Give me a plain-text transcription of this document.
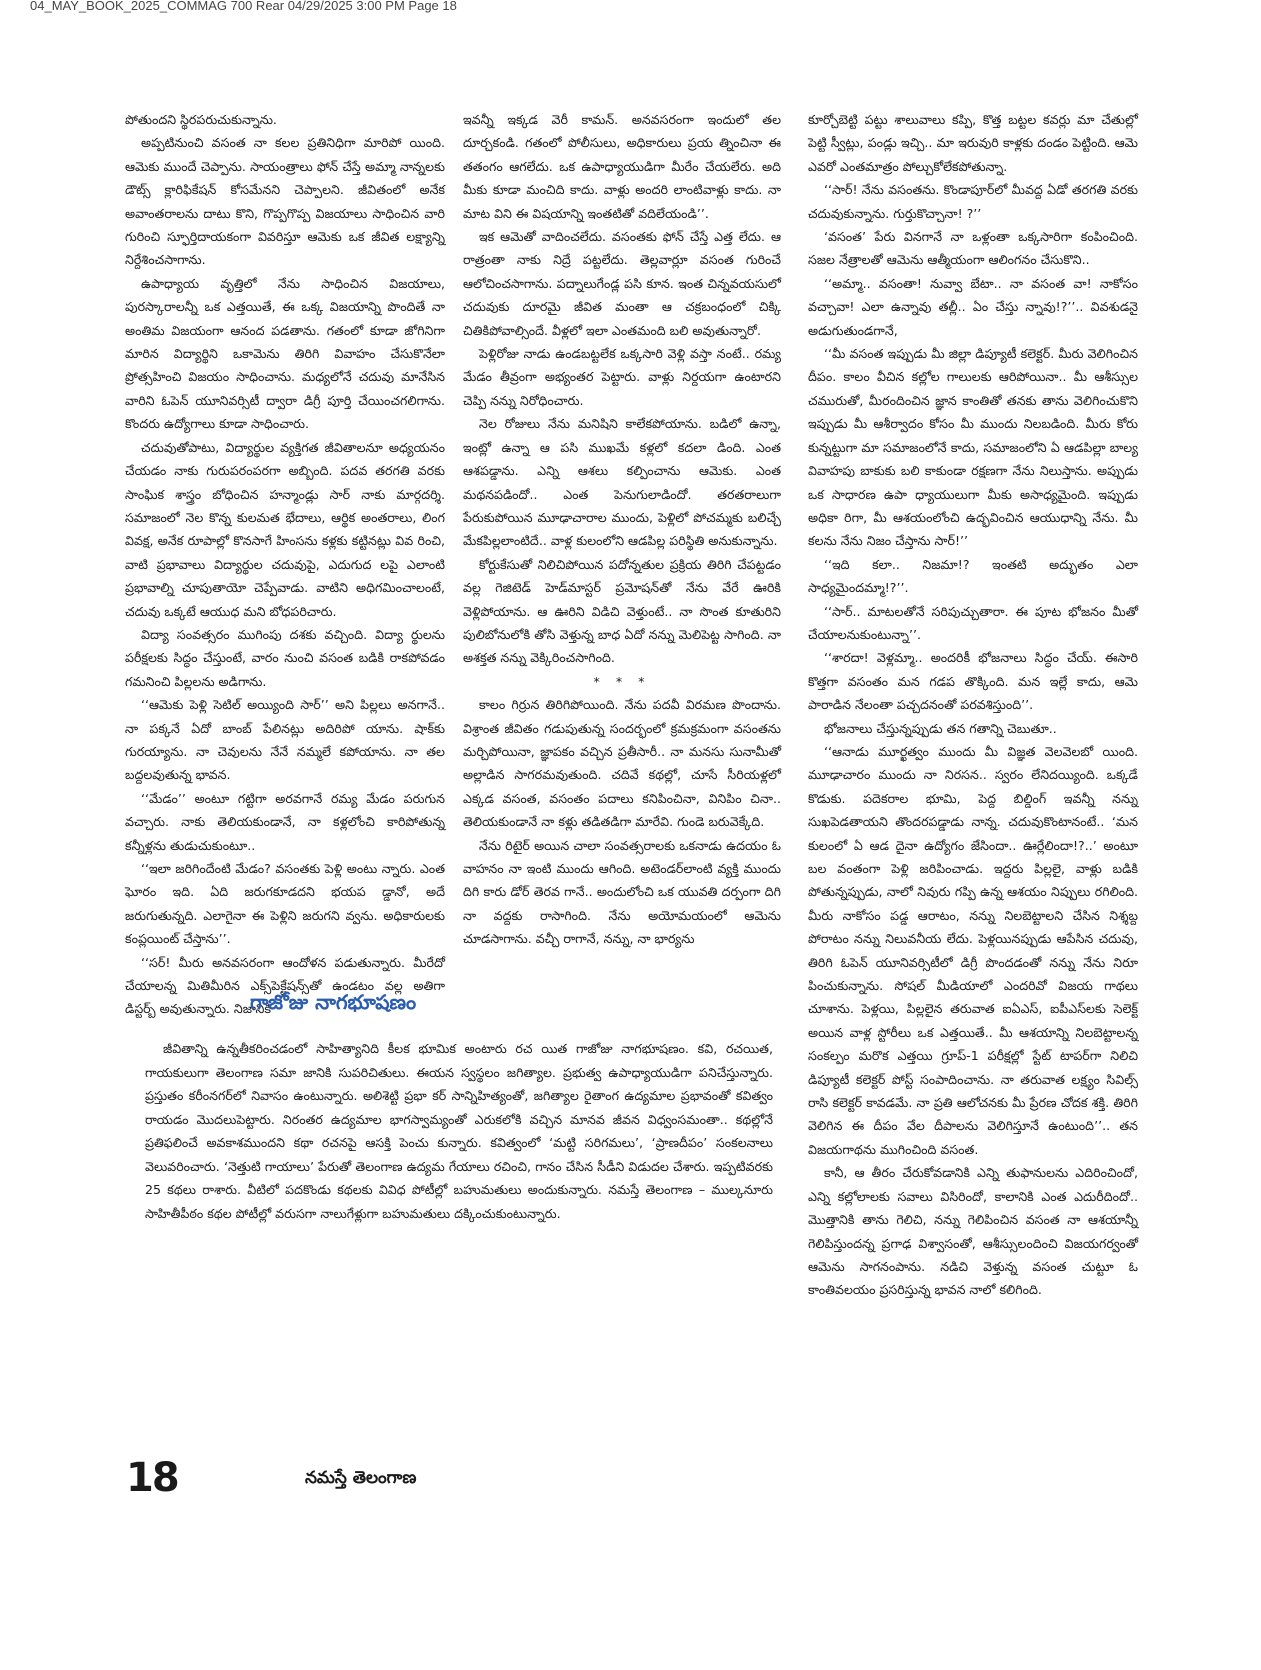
04_MAY_BOOK_2025_COMMAG 700 Rear 04/29/2025 3:00 PM Page 18

పోతుందని స్థిరపరుచుకున్నాను.

అప్పటినుంచి వసంత నా కలల ప్రతినిధిగా మారిపో యింది. ఆమెకు ముందే చెప్పాను. సాయంత్రాలు ఫోన్ చేస్తే అమ్మా నాన్నలకు డౌట్స్ క్లారిఫికేషన్ కోసమేనని చెప్పాలని. జీవితంలో అనేక అవాంతరాలను దాటు కొని, గొప్పగొప్ప విజయాలు సాధించిన వారి గురించి స్ఫూర్తిదాయకంగా వివరిస్తూ ఆమెకు ఒక జీవిత లక్ష్యాన్ని నిర్దేశించసాగాను.

ఉపాధ్యాయ వృత్తిలో నేను సాధించిన విజయాలు, పురస్కారాలన్నీ ఒక ఎత్తయితే, ఈ ఒక్క విజయాన్ని పొందితే నా అంతిమ విజయంగా ఆనంద పడతాను. గతంలో కూడా జోగినిగా మారిన విద్యార్థిని ఒకామెను తిరిగి వివాహం చేసుకొనేలా ప్రోత్సహించి విజయం సాధించాను. మధ్యలోనే చదువు మానేసిన వారిని ఓపెన్ యూనివర్సిటీ ద్వారా డిగ్రీ పూర్తి చేయించగలిగాను. కొందరు ఉద్యోగాలు కూడా సాధించారు.

చదువుతోపాటు, విద్యార్థుల వ్యక్తిగత జీవితాలనూ అధ్యయనం చేయడం నాకు గురుపరంపరగా అబ్బింది. పదవ తరగతి వరకు సాంఘిక శాస్త్రం బోధించిన హన్మాండ్లు సార్ నాకు మార్గదర్శి. సమాజంలో నెల కొన్న కులమత భేదాలు, ఆర్థిక అంతరాలు, లింగ వివక్ష, అనేక రూపాల్లో కొనసాగే హింసను కళ్లకు కట్టినట్లు వివ రించి, వాటి ప్రభావాలు విద్యార్థుల చదువుపై, ఎదుగుద లపై ఎలాంటి ప్రభావాల్ని చూపుతాయో చెప్పేవాడు. వాటిని అధిగమించాలంటే, చదువు ఒక్కటే ఆయుధ మని బోధపరిచారు.

విద్యా సంవత్సరం ముగింపు దశకు వచ్చింది. విద్యా ర్థులను పరీక్షలకు సిద్ధం చేస్తుంటే, వారం నుంచి వసంత బడికి రాకపోవడం గమనించి పిల్లలను అడిగాను.

‘‘ఆమెకు పెళ్లి సెటిల్ అయ్యింది సార్’’ అని పిల్లలు అనగానే.. నా పక్కనే ఏదో బాంబ్ పేలినట్లు అదిరిపో యాను. షాక్‌కు గురయ్యాను. నా చెవులను నేనే నమ్మలే కపోయాను. నా తల బద్దలవుతున్న భావన.

‘‘మేడం’’ అంటూ గట్టిగా అరవగానే రమ్య మేడం పరుగున వచ్చారు. నాకు తెలియకుండానే, నా కళ్లలోంచి కారిపోతున్న కన్నీళ్లను తుడుచుకుంటూ..

‘‘ఇలా జరిగిందేంటి మేడం? వసంతకు పెళ్లి అంటు న్నారు. ఎంత ఘోరం ఇది. ఏది జరుగకూడదని భయప డ్డానో, అదే జరుగుతున్నది. ఎలాగైనా ఈ పెళ్లిని జరుగని వ్వను. అధికారులకు కంప్లయింట్ చేస్తాను’’.

‘‘సర్! మీరు అనవసరంగా ఆందోళన పడుతున్నారు. మీరేదో చేయాలన్న మితిమీరిన ఎక్స్‌పెక్టేషన్స్‌తో ఉండటం వల్ల అతిగా డిస్టర్బ్ అవుతున్నారు. నిజానికి

ఇవన్నీ ఇక్కడ వెరీ కామన్. అనవసరంగా ఇందులో తల దూర్చకండి. గతంలో పోలీసులు, అధికారులు ప్రయ త్నించినా ఈ తతంగం ఆగలేదు. ఒక ఉపాధ్యాయుడిగా మీరేం చేయలేరు. అది మీకు కూడా మంచిది కాదు. వాళ్లు అందరి లాంటివాళ్లు కాదు. నా మాట విని ఈ విషయాన్ని ఇంతటితో వదిలేయండి’’.

ఇక ఆమెతో వాదించలేదు. వసంతకు ఫోన్ చేస్తే ఎత్త లేదు. ఆ రాత్రంతా నాకు నిద్రే పట్టలేదు. తెల్లవార్లూ వసంత గురించే ఆలోచించసాగాను. పద్నాలుగేండ్ల పసి కూన. ఇంత చిన్నవయసులో చదువుకు దూరమై జీవిత మంతా ఆ చక్రబంధంలో చిక్కి చితికిపోవాల్సిందే. వీళ్లలో ఇలా ఎంతమంది బలి అవుతున్నారో.

పెళ్లిరోజు నాడు ఉండబట్టలేక ఒక్కసారి వెళ్లి వస్తా నంటే.. రమ్య మేడం తీవ్రంగా అభ్యంతర పెట్టారు. వాళ్లు నిర్దయగా ఉంటారని చెప్పి నన్ను నిరోధించారు.

నెల రోజులు నేను మనిషిని కాలేకపోయాను. బడిలో ఉన్నా, ఇంట్లో ఉన్నా ఆ పసి ముఖమే కళ్లలో కదలా డింది. ఎంత ఆశపడ్డాను. ఎన్ని ఆశలు కల్పించాను ఆమెకు. ఎంత మథనపడిందో.. ఎంత పెనుగులాడిందో. తరతరాలుగా పేరుకుపోయిన మూఢాచారాల ముందు, పెళ్లిలో పోచమ్మకు బలిచ్చే మేకపిల్లలాంటిదే.. వాళ్ల కులంలోని ఆడపిల్ల పరిస్థితి అనుకున్నాను.

కోర్టుకేసుతో నిలిచిపోయిన పదోన్నతుల ప్రక్రియ తిరిగి చేపట్టడం వల్ల గెజిటెడ్ హెడ్‌మాస్టర్ ప్రమోషన్‌తో నేను వేరే ఊరికి వెళ్లిపోయాను. ఆ ఊరిని విడిచి వెళ్తుంటే.. నా సొంత కూతురిని పులిబోనులోకి తోసి వెళ్తున్న బాధ ఏదో నన్ను మెలిపెట్ట సాగింది. నా అశక్తత నన్ను వెక్కిరించసాగింది.

* * *

కాలం గిర్రున తిరిగిపోయింది. నేను పదవీ విరమణ పొందాను. విశ్రాంత జీవితం గడుపుతున్న సందర్భంలో క్రమక్రమంగా వసంతను మర్చిపోయినా, జ్ఞాపకం వచ్చిన ప్రతీసారీ.. నా మనసు సునామీతో అల్లాడిన సాగరమవుతుంది. చదివే కథల్లో, చూసే సీరియళ్లలో ఎక్కడ వసంత, వసంతం పదాలు కనిపించినా, వినిపిం చినా.. తెలియకుండానే నా కళ్లు తడితడిగా మారేవి. గుండె బరువెక్కేది.

నేను రిటైర్ అయిన చాలా సంవత్సరాలకు ఒకనాడు ఉదయం ఓ వాహనం నా ఇంటి ముందు ఆగింది. అటెండర్‌లాంటి వ్యక్తి ముందు దిగి కారు డోర్ తెరవ గానే.. అందులోంచి ఒక యువతి దర్పంగా దిగి నా వద్దకు రాసాగింది. నేను అయోమయంలో ఆమెను చూడసాగాను. వచ్చీ రాగానే, నన్ను, నా భార్యను

కూర్చోబెట్టి పట్టు శాలువాలు కప్పి, కొత్త బట్టల కవర్లు మా చేతుల్లో పెట్టి స్వీట్లు, పండ్లు ఇచ్చి.. మా ఇరువురి కాళ్లకు దండం పెట్టింది. ఆమె ఎవరో ఎంతమాత్రం పోల్చుకోలేకపోతున్నా.

‘‘సార్! నేను వసంతను. కొండాపూర్‌లో మీవద్ద ఏడో తరగతి వరకు చదువుకున్నాను. గుర్తుకొచ్చానా! ?’’

‘వసంత’ పేరు వినగానే నా ఒళ్లంతా ఒక్కసారిగా కంపించింది. సజల నేత్రాలతో ఆమెను ఆత్మీయంగా ఆలింగనం చేసుకొని..

‘‘అమ్మా.. వసంతా! నువ్వా బేటా.. నా వసంత వా! నాకోసం వచ్చావా! ఎలా ఉన్నావు తల్లీ.. ఏం చేస్తు న్నావు!?’’.. వివశుడనై అడుగుతుండగానే,

‘‘మీ వసంత ఇప్పుడు మీ జిల్లా డిప్యూటీ కలెక్టర్. మీరు వెలిగించిన దీపం. కాలం వీచిన కల్లోల గాలులకు ఆరిపోయినా.. మీ ఆశీస్సుల చమురుతో, మీరందించిన జ్ఞాన కాంతితో తనకు తాను వెలిగించుకొని ఇప్పుడు మీ ఆశీర్వాదం కోసం మీ ముందు నిలబడింది. మీరు కోరు కున్నట్టుగా మా సమాజంలోనే కాదు, సమాజంలోని ఏ ఆడపిల్లా బాల్య వివాహపు బాకుకు బలి కాకుండా రక్షణగా నేను నిలుస్తాను. అప్పుడు ఒక సాధారణ ఉపా ధ్యాయులుగా మీకు అసాధ్యమైంది. ఇప్పుడు అధికా రిగా, మీ ఆశయంలోంచి ఉద్భవించిన ఆయుధాన్ని నేను. మీ కలను నేను నిజం చేస్తాను సార్!’’

‘‘ఇది కలా.. నిజమా!? ఇంతటి అద్భుతం ఎలా సాధ్యమైందమ్మా!?’’.

‘‘సార్.. మాటలతోనే సరిపుచ్చుతారా. ఈ పూట భోజనం మీతో చేయాలనుకుంటున్నా’’.

‘‘శారదా! వెళ్లమ్మా.. అందరికీ భోజనాలు సిద్ధం చేయ్. ఈసారి కొత్తగా వసంతం మన గడప తొక్కింది. మన ఇల్లే కాదు, ఆమె పారాడిన నేలంతా పచ్చదనంతో పరవశిస్తుంది’’.

భోజనాలు చేస్తున్నప్పుడు తన గతాన్ని చెబుతూ..

‘‘ఆనాడు మూర్ఖత్వం ముందు మీ విజ్ఞత వెలవెలబో యింది. మూఢాచారం ముందు నా నిరసన.. స్వరం లేనిదయ్యింది. ఒక్కడే కొడుకు. పదెకరాల భూమి, పెద్ద బిల్డింగ్ ఇవన్నీ నన్ను సుఖపెడతాయని తొందరపడ్డాడు నాన్న. చదువుకొంటానంటే.. ‘మన కులంలో ఏ ఆడ దైనా ఉద్యోగం జేసిందా.. ఊర్లేలిందా!?..’ అంటూ బల వంతంగా పెళ్లి జరిపించాడు. ఇద్దరు పిల్లలై, వాళ్లు బడికి పోతున్నప్పుడు, నాలో నివురు గప్పి ఉన్న ఆశయం నిప్పులు రగిలింది. మీరు నాకోసం పడ్డ ఆరాటం, నన్ను నిలబెట్టాలని చేసిన నిశ్శబ్ద పోరాటం నన్ను నిలువనీయ లేదు. పెళ్లయినప్పుడు ఆపేసిన చదువు, తిరిగి ఓపెన్ యూనివర్సిటీలో డిగ్రీ పొందడంతో నన్ను నేను నిరూ పించుకున్నాను. సోషల్ మీడియాలో ఎందరివో విజయ గాథలు చూశాను. పెళ్లయి, పిల్లలైన తరువాత ఐఏఎస్, ఐపీఎస్‌లకు సెలెక్ట్ అయిన వాళ్ల స్టోరీలు ఒక ఎత్తయితే.. మీ ఆశయాన్ని నిలబెట్టాలన్న సంకల్పం మరొక ఎత్తయి గ్రూప్-1 పరీక్షల్లో స్టేట్ టాపర్‌గా నిలిచి డిప్యూటీ కలెక్టర్ పోస్ట్ సంపాదించాను. నా తరువాత లక్ష్యం సివిల్స్ రాసి కలెక్టర్ కావడమే. నా ప్రతి ఆలోచనకు మీ ప్రేరణ చోదక శక్తి. తిరిగి వెలిగిన ఈ దీపం వేల దీపాలను వెలిగిస్తూనే ఉంటుంది’’.. తన విజయగాథను ముగించింది వసంత.

కానీ, ఆ తీరం చేరుకోవడానికి ఎన్ని తుఫానులను ఎదిరించిందో, ఎన్ని కల్లోలాలకు సవాలు విసిరిందో, కాలానికి ఎంత ఎదురీదిందో.. మొత్తానికి తాను గెలిచి, నన్ను గెలిపించిన వసంత నా ఆశయాన్నీ గెలిపిస్తుందన్న ప్రగాఢ విశ్వాసంతో, ఆశీస్సులందించి విజయగర్వంతో ఆమెను సాగనంపాను. నడిచి వెళ్తున్న వసంత చుట్టూ ఓ కాంతివలయం ప్రసరిస్తున్న భావన నాలో కలిగింది.

గాజోజు నాగభూషణం

జీవితాన్ని ఉన్నతీకరించడంలో సాహిత్యానిది కీలక భూమిక అంటారు రచ యిత గాజోజు నాగభూషణం. కవి, రచయిత, గాయకులుగా తెలంగాణ సమా జానికి సుపరిచితులు. ఈయన స్వస్థలం జగిత్యాల. ప్రభుత్వ ఉపాధ్యాయుడిగా పనిచేస్తున్నారు. ప్రస్తుతం కరీంనగర్‌లో నివాసం ఉంటున్నారు. అలిశెట్టి ప్రభా కర్ సాన్నిహిత్యంతో, జగిత్యాల రైతాంగ ఉద్యమాల ప్రభావంతో కవిత్వం రాయడం మొదలుపెట్టారు. నిరంతర ఉద్యమాల భాగస్వామ్యంతో ఎరుకలోకి వచ్చిన మానవ జీవన విధ్వంసమంతా.. కథల్లోనే ప్రతిఫలించే అవకాశముందని కథా రచనపై ఆసక్తి పెంచు కున్నారు. కవిత్వంలో ‘మట్టి సరిగమలు’, ‘ప్రాణదీపం’ సంకలనాలు వెలువరించారు. ‘నెత్తుటి గాయాలు’ పేరుతో తెలంగాణ ఉద్యమ గేయాలు రచించి, గానం చేసిన సీడీని విడుదల చేశారు. ఇప్పటివరకు 25 కథలు రాశారు. వీటిలో పదకొండు కథలకు వివిధ పోటీల్లో బహుమతులు అందుకున్నారు. నమస్తే తెలంగాణ – ముల్కనూరు సాహితీపీఠం కథల పోటీల్లో వరుసగా నాలుగేళ్లుగా బహుమతులు దక్కించుకుంటున్నారు.

18	నమస్తే తెలంగాణ
